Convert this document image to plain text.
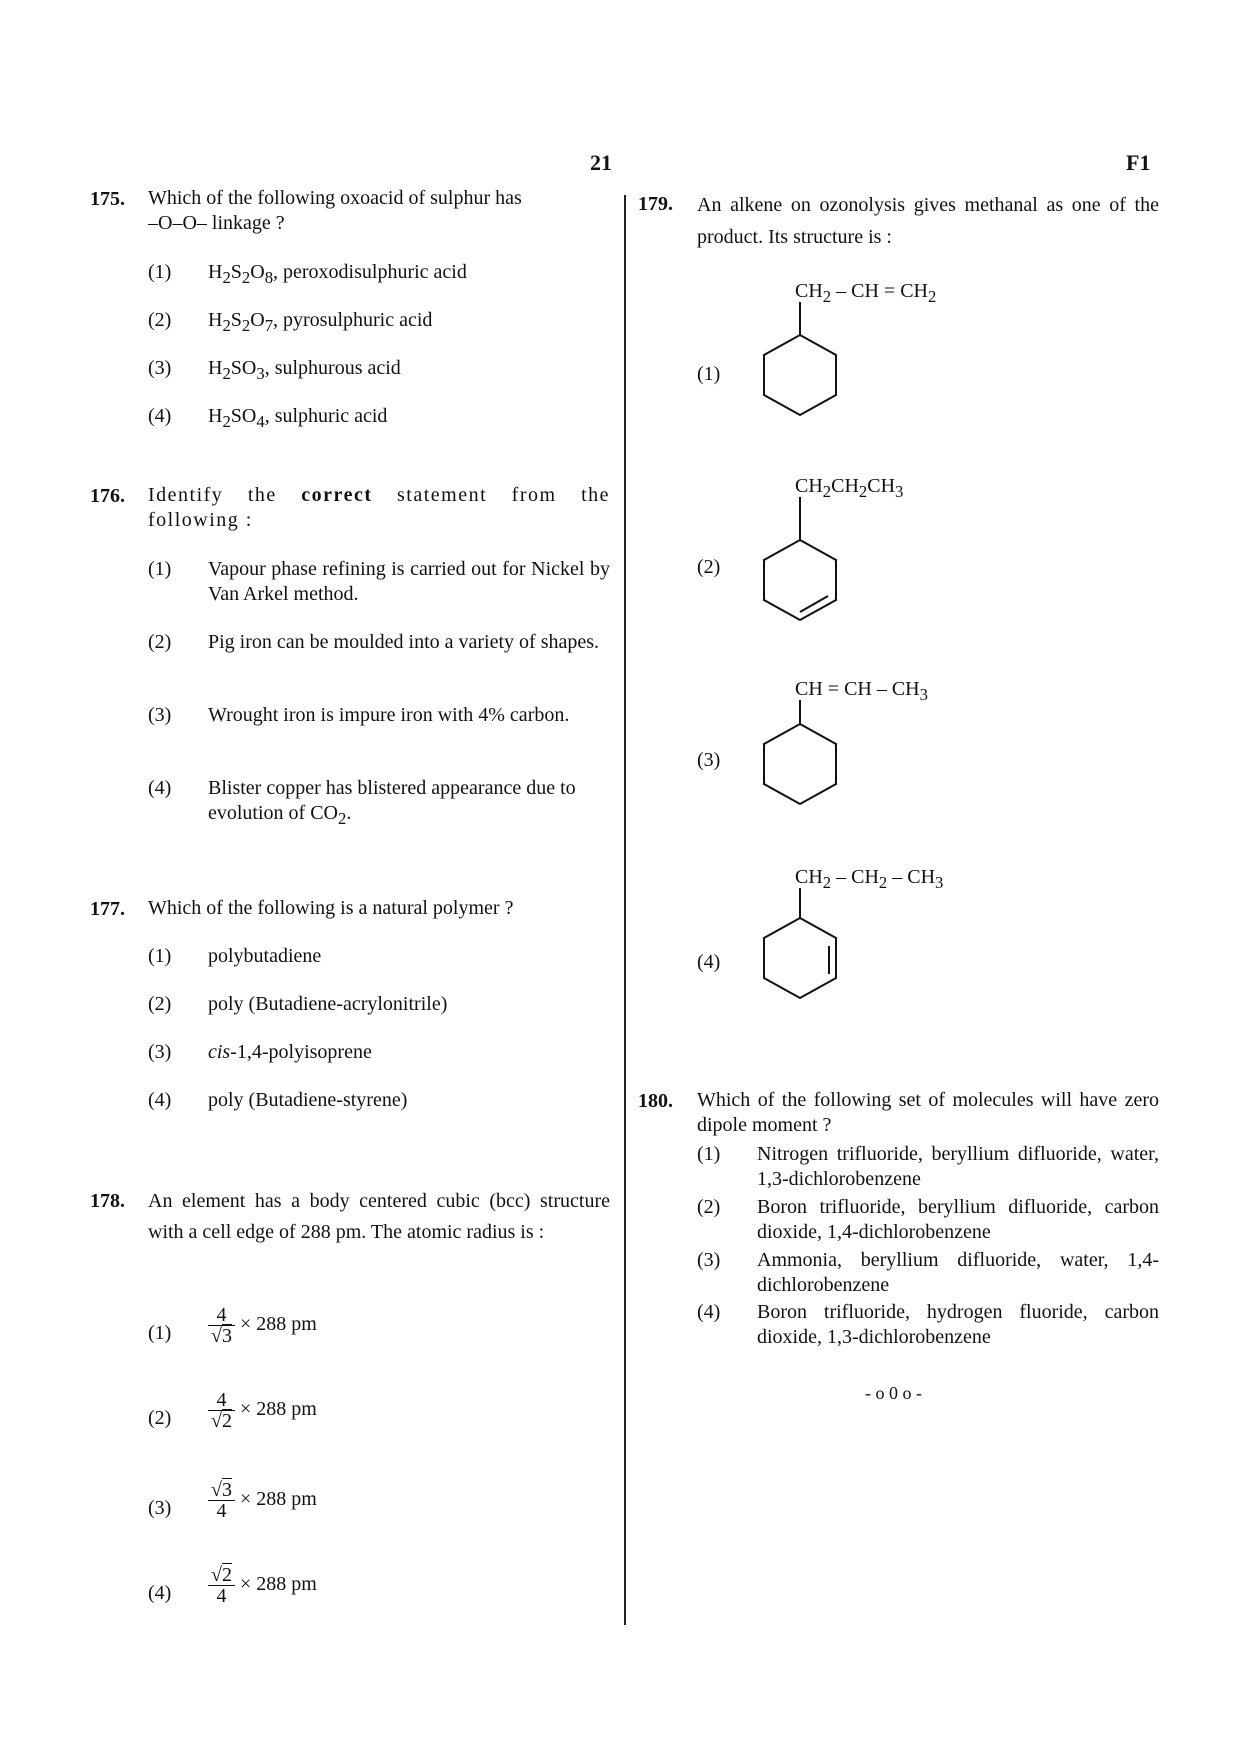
21	F1
175. Which of the following oxoacid of sulphur has
–O–O– linkage ?
(1) $H_2S_2O_8$, peroxodisulphuric acid
(2) $H_2S_2O_7$, pyrosulphuric acid
(3) $H_2SO_3$, sulphurous acid
(4) $H_2SO_4$, sulphuric acid
176. Identify the correct statement from the following :
(1) Vapour phase refining is carried out for Nickel by Van Arkel method.
(2) Pig iron can be moulded into a variety of shapes.
(3) Wrought iron is impure iron with 4% carbon.
(4) Blister copper has blistered appearance due to evolution of $CO_2$.
177. Which of the following is a natural polymer ?
(1) polybutadiene
(2) poly (Butadiene-acrylonitrile)
(3) cis-1,4-polyisoprene
(4) poly (Butadiene-styrene)
178. An element has a body centered cubic (bcc) structure with a cell edge of 288 pm. The atomic radius is :
$(1) \frac{4}{√3} \times 288$ pm
$(2) \frac{4}{√2} \times 288$ pm
$(3) \frac{√3}{4} \times 288$ pm
$(4) \frac{√2}{4} \times 288$ pm
179. An alkene on ozonolysis gives methanal as one of the product. Its structure is :
(1)
$CH_2$ – CH = $CH_2$
(2)
$CH_2CH_2CH_3$
(3)
CH = CH – $CH_3$
(4)
$CH_2 - CH_2 - CH_3$
180. Which of the following set of molecules will have zero dipole moment ?
(1) Nitrogen trifluoride, beryllium difluoride, water, 1,3-dichlorobenzene
(2) Boron trifluoride, beryllium difluoride, carbon dioxide, 1,4-dichlorobenzene
(3) Ammonia, beryllium difluoride, water, 1,4-dichlorobenzene
(4) Boron trifluoride, hydrogen fluoride, carbon dioxide, 1,3-dichlorobenzene
- o 0 o -
